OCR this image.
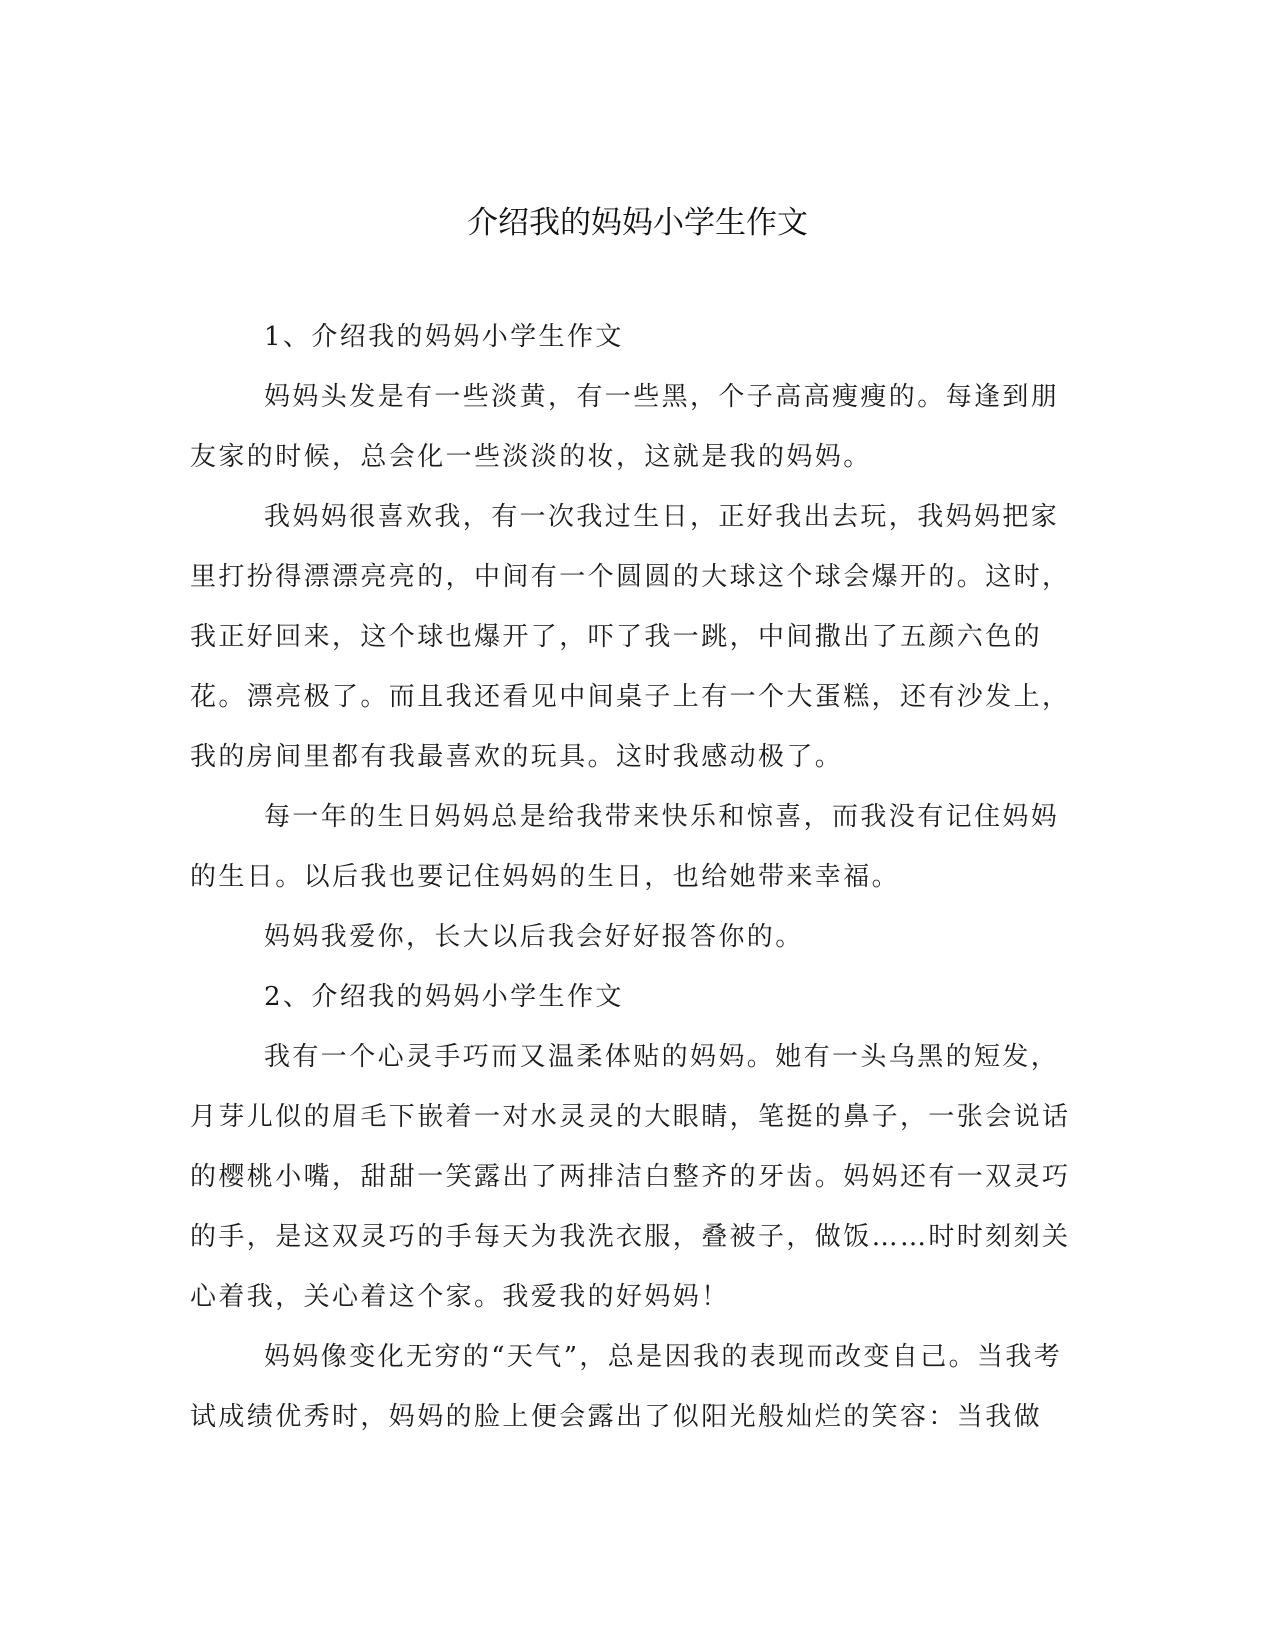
介绍我的妈妈小学生作文

1、介绍我的妈妈小学生作文

妈妈头发是有一些淡黄，有一些黑，个子高高瘦瘦的。每逢到朋友家的时候，总会化一些淡淡的妆，这就是我的妈妈。

我妈妈很喜欢我，有一次我过生日，正好我出去玩，我妈妈把家里打扮得漂漂亮亮的，中间有一个圆圆的大球这个球会爆开的。这时，我正好回来，这个球也爆开了，吓了我一跳，中间撒出了五颜六色的花。漂亮极了。而且我还看见中间桌子上有一个大蛋糕，还有沙发上，我的房间里都有我最喜欢的玩具。这时我感动极了。

每一年的生日妈妈总是给我带来快乐和惊喜，而我没有记住妈妈的生日。以后我也要记住妈妈的生日，也给她带来幸福。

妈妈我爱你，长大以后我会好好报答你的。

2、介绍我的妈妈小学生作文

我有一个心灵手巧而又温柔体贴的妈妈。她有一头乌黑的短发，月芽儿似的眉毛下嵌着一对水灵灵的大眼睛，笔挺的鼻子，一张会说话的樱桃小嘴，甜甜一笑露出了两排洁白整齐的牙齿。妈妈还有一双灵巧的手，是这双灵巧的手每天为我洗衣服，叠被子，做饭……时时刻刻关心着我，关心着这个家。我爱我的好妈妈！

妈妈像变化无穷的“天气”，总是因我的表现而改变自己。当我考试成绩优秀时，妈妈的脸上便会露出了似阳光般灿烂的笑容：当我做
